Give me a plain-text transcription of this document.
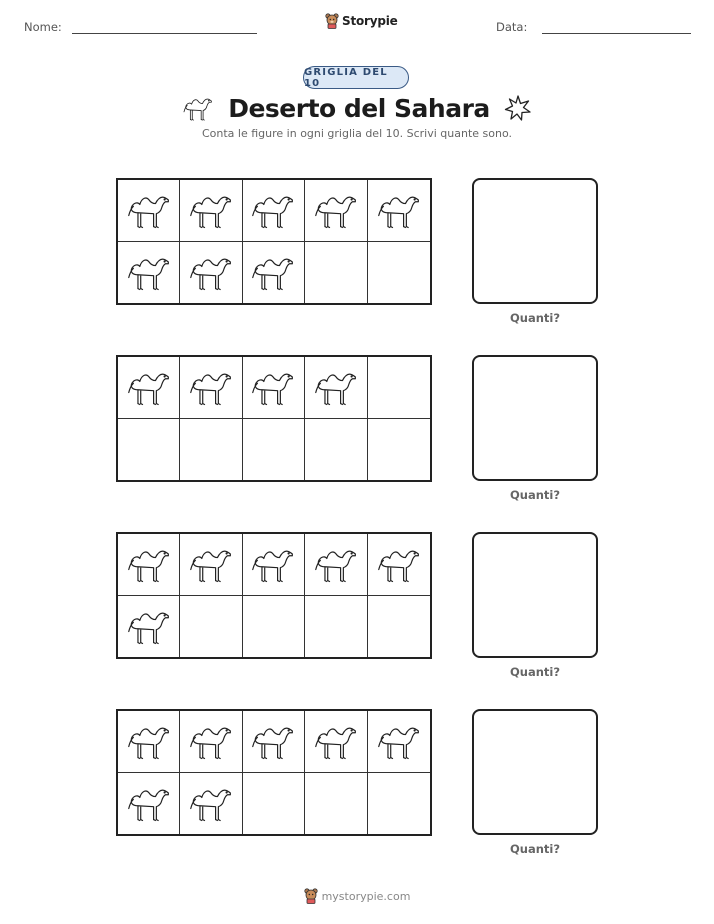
Nome:	Storypie	Data:
GRIGLIA DEL 10
Deserto del Sahara
Conta le figure in ogni griglia del 10. Scrivi quante sono.
Quanti?
Quanti?
Quanti?
Quanti?
mystorypie.com
